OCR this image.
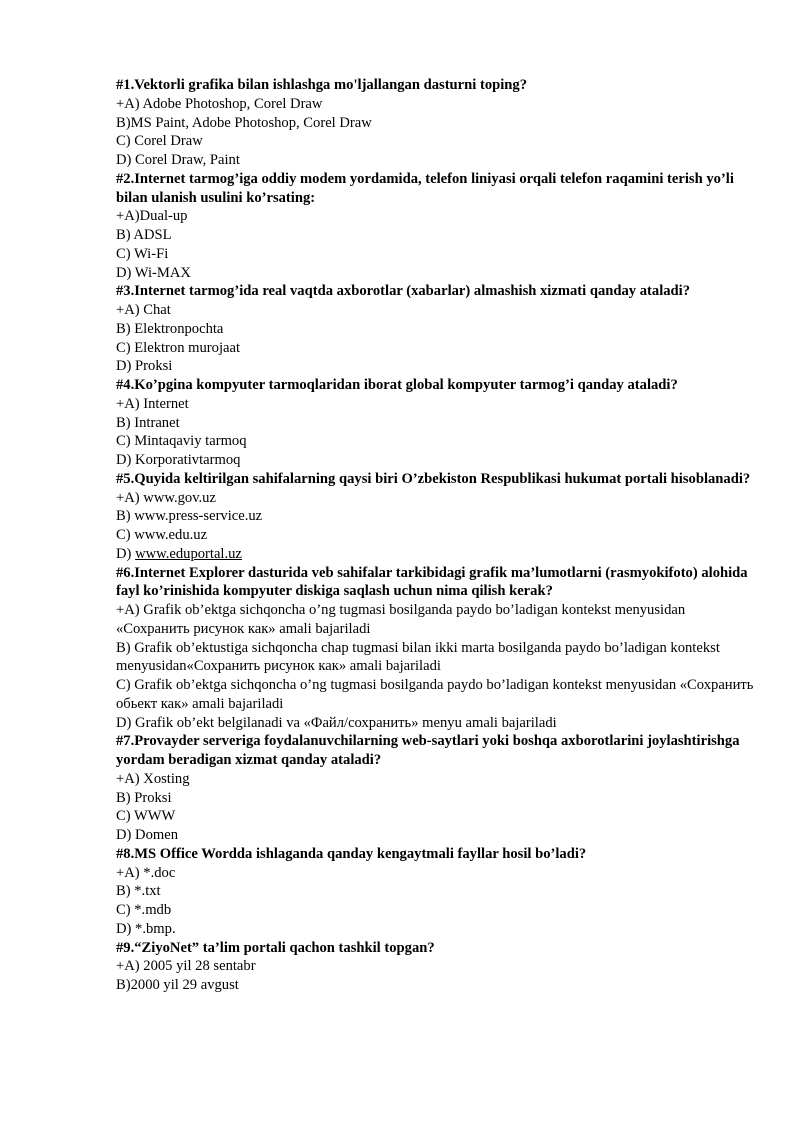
#1.Vektorli grafika bilan ishlashga mo'ljallangan dasturni toping?

+A) Adobe Photoshop, Corel Draw

B)MS Paint, Adobe Photoshop, Corel Draw

C) Corel Draw

D) Corel Draw, Paint

#2.Internet tarmog’iga oddiy modem yordamida, telefon liniyasi orqali telefon raqamini terish yo’li bilan ulanish usulini ko’rsating:

+A)Dual-up

B) ADSL

C) Wi-Fi

D) Wi-MAX

#3.Internet tarmog’ida real vaqtda axborotlar (xabarlar) almashish xizmati qanday ataladi?

+A) Chat

B) Elektronpochta

C) Elektron murojaat

D) Proksi

#4.Ko’pgina kompyuter tarmoqlaridan iborat global kompyuter tarmog’i qanday ataladi?

+A) Internet

B) Intranet

C) Mintaqaviy tarmoq

D) Korporativtarmoq

#5.Quyida keltirilgan sahifalarning qaysi biri O’zbekiston Respublikasi hukumat portali hisoblanadi?

+A) www.gov.uz

B) www.press-service.uz

C) www.edu.uz

D) www.eduportal.uz

#6.Internet Explorer dasturida veb sahifalar tarkibidagi grafik ma’lumotlarni (rasmyokifoto) alohida fayl ko’rinishida kompyuter diskiga saqlash uchun nima qilish kerak?

+A) Grafik ob’ektga sichqoncha o’ng tugmasi bosilganda paydo bo’ladigan kontekst menyusidan «Сохранить рисунок как» amali bajariladi

B) Grafik ob’ektustiga sichqoncha chap tugmasi bilan ikki marta bosilganda paydo bo’ladigan kontekst menyusidan«Сохранить рисунок как» amali bajariladi

C) Grafik ob’ektga sichqoncha o’ng tugmasi bosilganda paydo bo’ladigan kontekst menyusidan «Сохранить обьект как» amali bajariladi

D) Grafik ob’ekt belgilanadi va «Файл/сохранить» menyu amali bajariladi

#7.Provayder serveriga foydalanuvchilarning web-saytlari yoki boshqa axborotlarini joylashtirishga yordam beradigan xizmat qanday ataladi?

+A) Xosting

B) Proksi

C) WWW

D) Domen

#8.MS Office Wordda ishlaganda qanday kengaytmali fayllar hosil bo’ladi?

+A) *.doc

B) *.txt

C) *.mdb

D) *.bmp.

#9.“ZiyoNet” ta’lim portali qachon tashkil topgan?

+A) 2005 yil 28 sentabr

B)2000 yil 29 avgust
